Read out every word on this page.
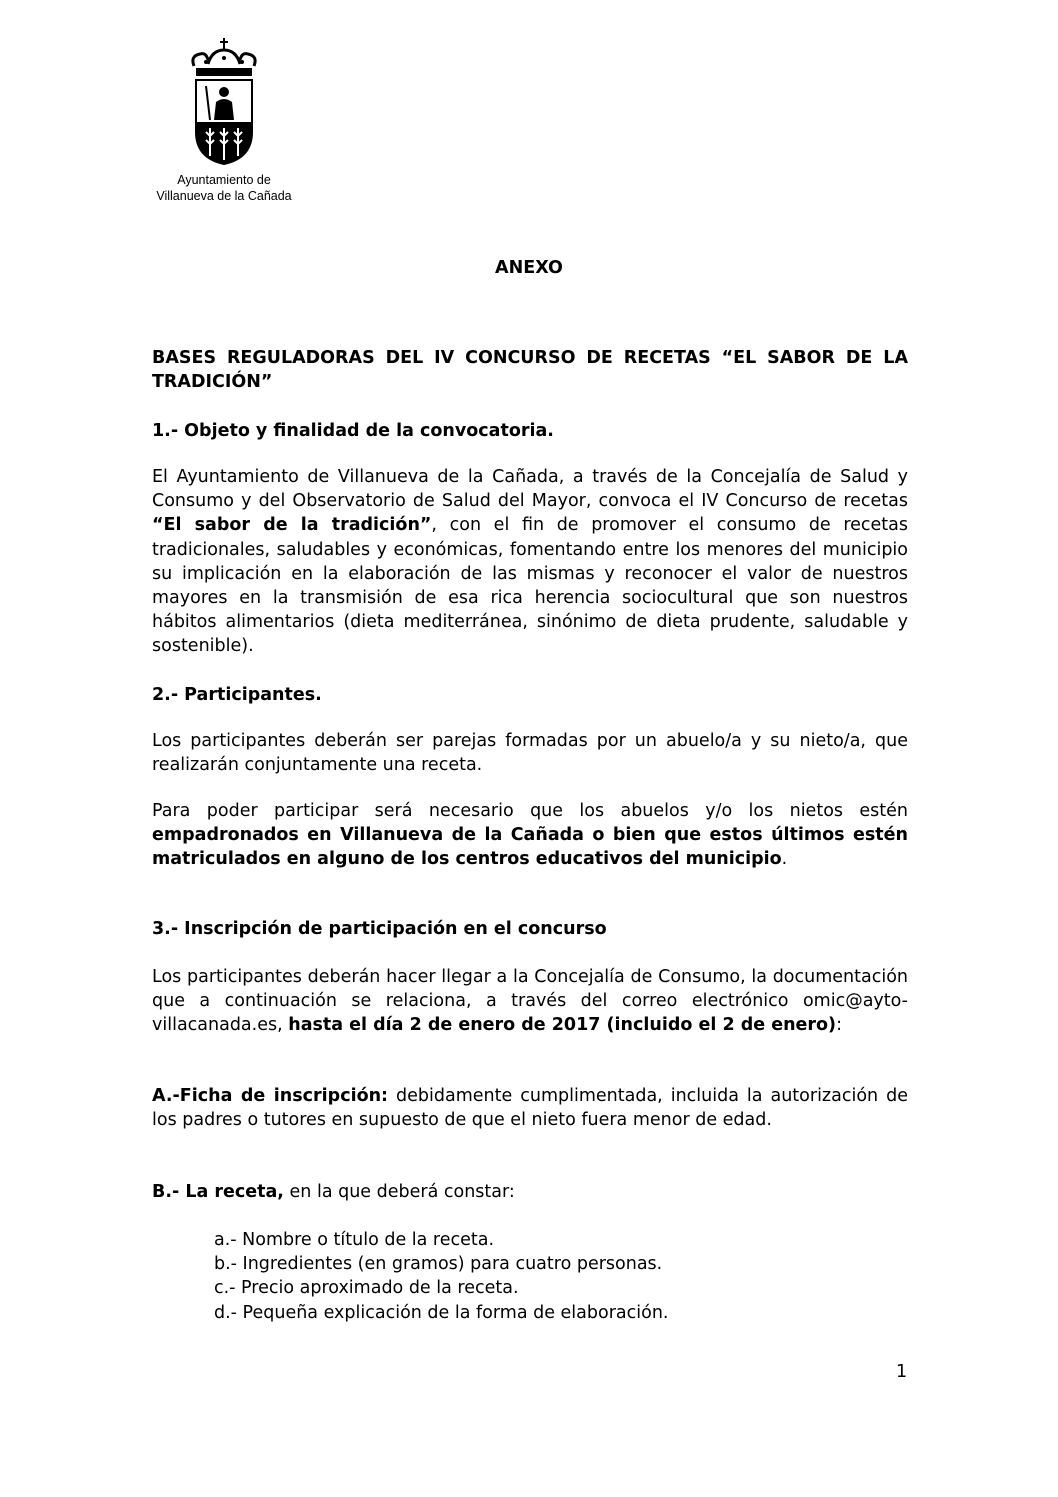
Ayuntamiento de
Villanueva de la Cañada
ANEXO
BASES REGULADORAS DEL IV CONCURSO DE RECETAS “EL SABOR DE LA TRADICIÓN”
1.- Objeto y finalidad de la convocatoria.

El Ayuntamiento de Villanueva de la Cañada, a través de la Concejalía de Salud y Consumo y del Observatorio de Salud del Mayor, convoca el IV Concurso de recetas “El sabor de la tradición”, con el fin de promover el consumo de recetas tradicionales, saludables y económicas, fomentando entre los menores del municipio su implicación en la elaboración de las mismas y reconocer el valor de nuestros mayores en la transmisión de esa rica herencia sociocultural que son nuestros hábitos alimentarios (dieta mediterránea, sinónimo de dieta prudente, saludable y sostenible).

2.- Participantes.
Los participantes deberán ser parejas formadas por un abuelo/a y su nieto/a, que realizarán conjuntamente una receta.

Para poder participar será necesario que los abuelos y/o los nietos estén empadronados en Villanueva de la Cañada o bien que estos últimos estén matriculados en alguno de los centros educativos del municipio.

3.- Inscripción de participación en el concurso

Los participantes deberán hacer llegar a la Concejalía de Consumo, la documentación que a continuación se relaciona, a través del correo electrónico omic@ayto-villacanada.es, hasta el día 2 de enero de 2017 (incluido el 2 de enero):

A.-Ficha de inscripción: debidamente cumplimentada, incluida la autorización de los padres o tutores en supuesto de que el nieto fuera menor de edad.

B.- La receta, en la que deberá constar:

a.- Nombre o título de la receta.
b.- Ingredientes (en gramos) para cuatro personas.
c.- Precio aproximado de la receta.
d.- Pequeña explicación de la forma de elaboración.
1
